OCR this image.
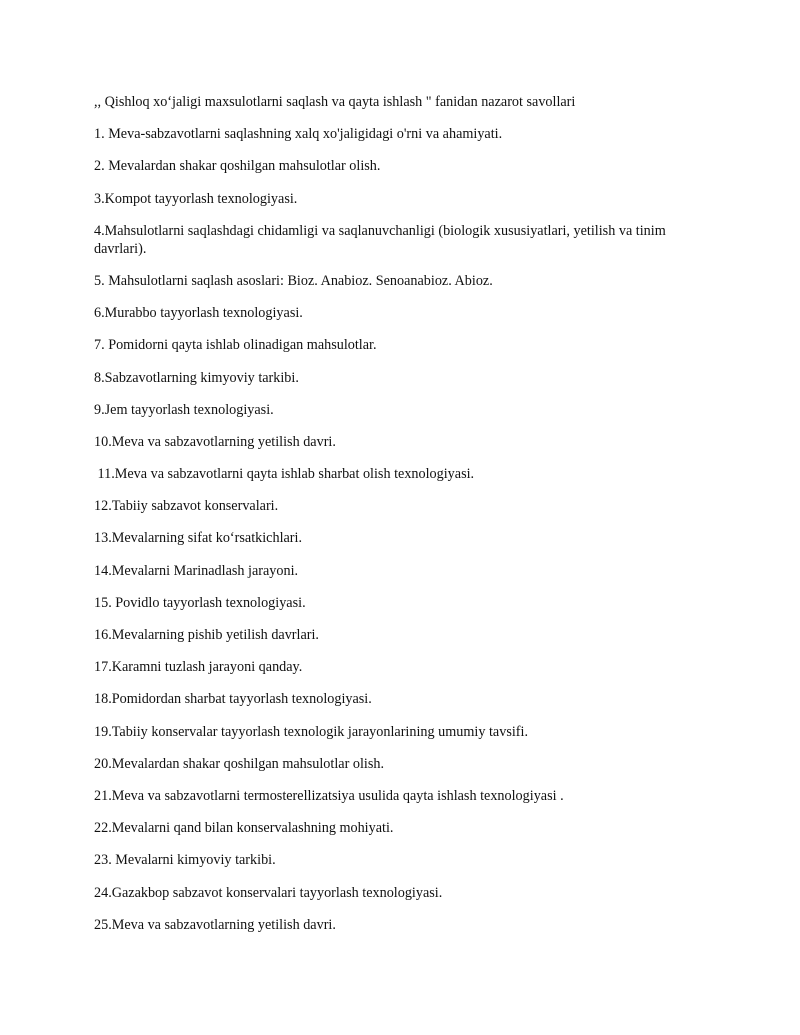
,, Qishloq xo‘jaligi maxsulotlarni saqlash va qayta ishlash " fanidan nazarot savollari

1. Meva-sabzavotlarni saqlashning xalq xo'jaligidagi o'rni va ahamiyati.

2. Mevalardan shakar qoshilgan mahsulotlar olish.

3.Kompot tayyorlash texnologiyasi.

4.Mahsulotlarni saqlashdagi chidamligi va saqlanuvchanligi (biologik xususiyatlari, yetilish va tinim davrlari).

5. Mahsulotlarni saqlash asoslari: Bioz. Anabioz. Senoanabioz. Abioz.

6.Murabbo tayyorlash texnologiyasi.

7. Pomidorni qayta ishlab olinadigan mahsulotlar.

8.Sabzavotlarning kimyoviy tarkibi.

9.Jem tayyorlash texnologiyasi.

10.Meva va sabzavotlarning yetilish davri.

11.Meva va sabzavotlarni qayta ishlab sharbat olish texnologiyasi.

12.Tabiiy sabzavot konservalari.

13.Mevalarning sifat ko‘rsatkichlari.

14.Mevalarni Marinadlash jarayoni.

15. Povidlo tayyorlash texnologiyasi.

16.Mevalarning pishib yetilish davrlari.

17.Karamni tuzlash jarayoni qanday.

18.Pomidordan sharbat tayyorlash texnologiyasi.

19.Tabiiy konservalar tayyorlash texnologik jarayonlarining umumiy tavsifi.

20.Mevalardan shakar qoshilgan mahsulotlar olish.

21.Meva va sabzavotlarni termosterellizatsiya usulida qayta ishlash texnologiyasi .

22.Mevalarni qand bilan konservalashning mohiyati.

23. Mevalarni kimyoviy tarkibi.

24.Gazakbop sabzavot konservalari tayyorlash texnologiyasi.

25.Meva va sabzavotlarning yetilish davri.
